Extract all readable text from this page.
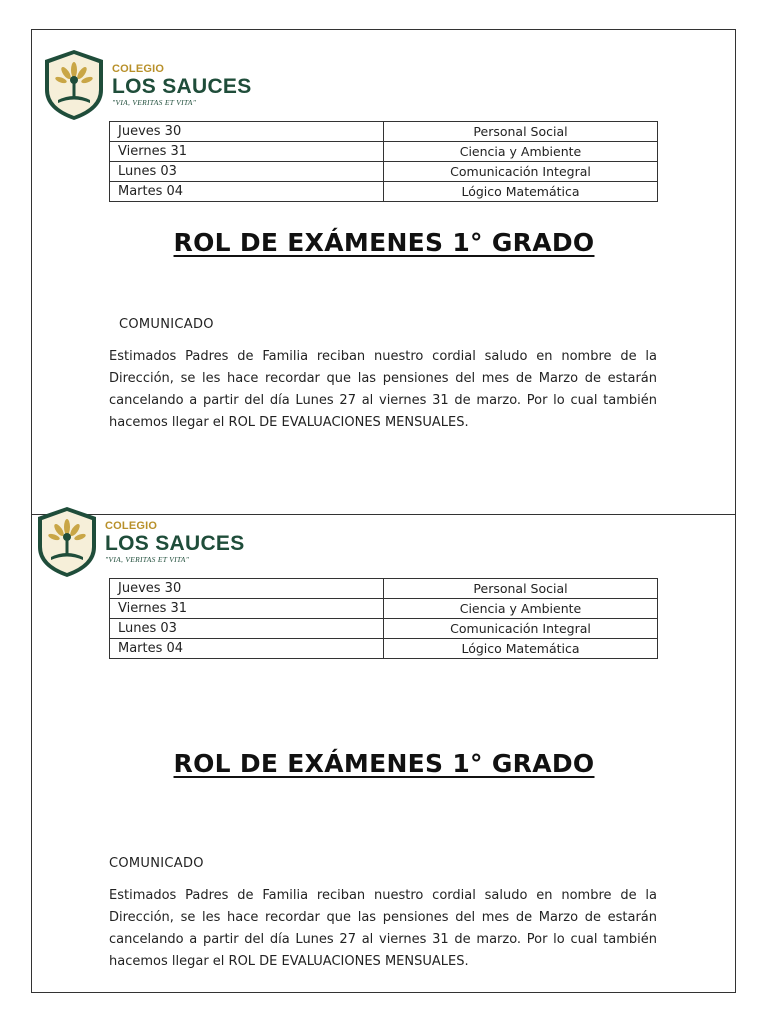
COLEGIO
LOS SAUCES
"VIA, VERITAS ET VITA"
Jueves 30	Personal Social
Viernes 31	Ciencia y Ambiente
Lunes 03	Comunicación Integral
Martes 04	Lógico Matemática
ROL DE EXÁMENES 1° GRADO
COMUNICADO
Estimados Padres de Familia reciban nuestro cordial saludo en nombre de la Dirección, se les hace recordar que las pensiones del mes de Marzo de estarán cancelando a partir del día Lunes 27 al viernes 31 de marzo. Por lo cual también hacemos llegar el ROL DE EVALUACIONES MENSUALES.
COLEGIO
LOS SAUCES
"VIA, VERITAS ET VITA"
Jueves 30	Personal Social
Viernes 31	Ciencia y Ambiente
Lunes 03	Comunicación Integral
Martes 04	Lógico Matemática
ROL DE EXÁMENES 1° GRADO
COMUNICADO
Estimados Padres de Familia reciban nuestro cordial saludo en nombre de la Dirección, se les hace recordar que las pensiones del mes de Marzo de estarán cancelando a partir del día Lunes 27 al viernes 31 de marzo. Por lo cual también hacemos llegar el ROL DE EVALUACIONES MENSUALES.
